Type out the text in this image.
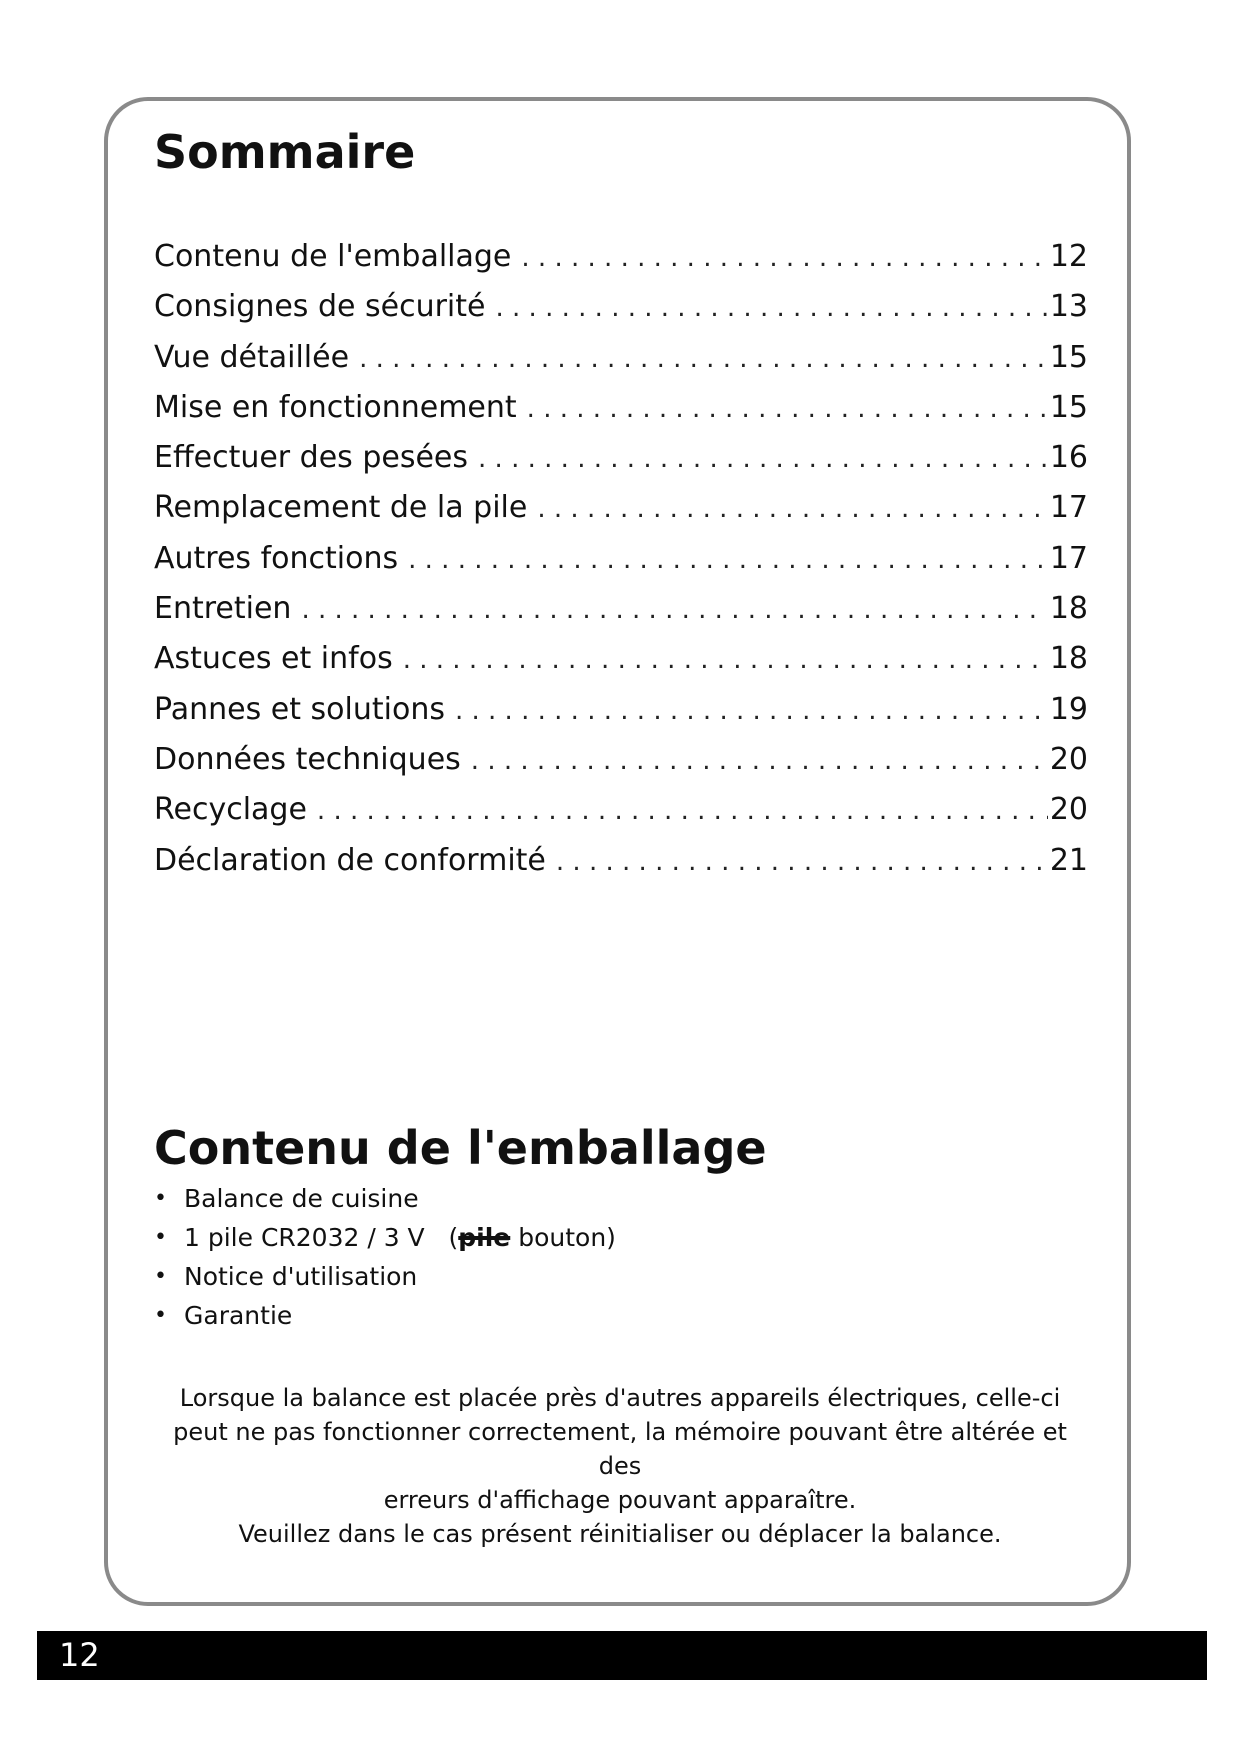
Sommaire
Contenu de l'emballage . . .	12
Consignes de sécurité . . .	13
Vue détaillée . . .	15
Mise en fonctionnement . . .	15
Effectuer des pesées . . .	16
Remplacement de la pile . . .	17
Autres fonctions . . .	17
Entretien . . .	18
Astuces et infos . . .	18
Pannes et solutions . . .	19
Données techniques . . .	20
Recyclage . . .	20
Déclaration de conformité . . .	21
Contenu de l'emballage
• Balance de cuisine
• 1 pile CR2032 / 3 V   (pile bouton)
• Notice d'utilisation
• Garantie

Lorsque la balance est placée près d'autres appareils électriques, celle-ci
peut ne pas fonctionner correctement, la mémoire pouvant être altérée et des
erreurs d'affichage pouvant apparaître.
Veuillez dans le cas présent réinitialiser ou déplacer la balance.

12
